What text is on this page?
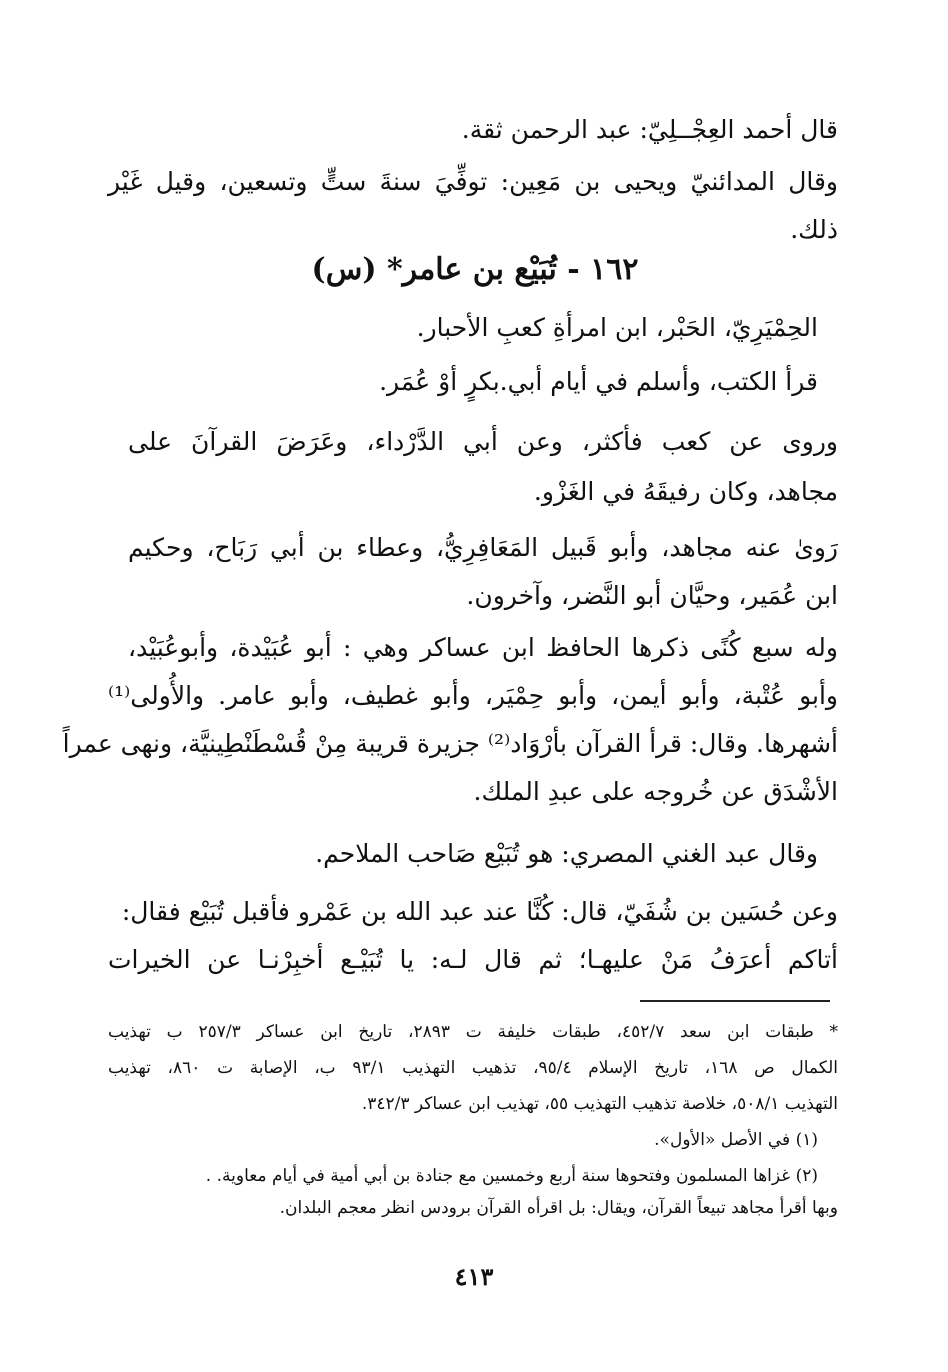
قال أحمد العِجْــلِيّ: عبد الرحمن ثقة.
وقال المدائنيّ ويحيى بن مَعِين: توفِّيَ سنةَ ستٍّ وتسعين، وقيل غَيْر
ذلك.
١٦٢ - تُبَيْع بن عامر* (س)
الحِمْيَرِيّ، الحَبْر، ابن امرأةِ كعبِ الأحبار.
قرأ الكتب، وأسلم في أيام أبي.بكرٍ أوْ عُمَر.
وروى عن كعب فأكثر، وعن أبي الدَّرْداء، وعَرَضَ القرآنَ على
مجاهد، وكان رفيقَهُ في الغَزْو.
رَوىٰ عنه مجاهد، وأبو قَبيل المَعَافِرِيُّ، وعطاء بن أبي رَبَاح، وحكيم
ابن عُمَير، وحيَّان أبو النَّضر، وآخرون.
وله سبع كُنًى ذكرها الحافظ ابن عساكر وهي : أبو عُبَيْدة، وأبوعُبَيْد،
وأبو عُتْبة، وأبو أيمن، وأبو حِمْيَر، وأبو غطيف، وأبو عامر. والأُولى⁽¹⁾
أشهرها. وقال: قرأ القرآن بأرْوَاد⁽²⁾ جزيرة قريبة مِنْ قُسْطَنْطِينيَّة، ونهى عمراً
الأشْدَق عن خُروجه على عبدِ الملك.
وقال عبد الغني المصري: هو تُبَيْع صَاحب الملاحم.
وعن حُسَين بن شُفَيّ، قال: كُنَّا عند عبد الله بن عَمْرو فأقبل تُبَيْع فقال:
أتاكم أعرَفُ مَنْ عليهـا؛ ثم قال لـه: يا تُبَيْـع أخبِرْنـا عن الخيرات
* طبقات ابن سعد ٤٥٢/٧، طبقات خليفة ت ٢٨٩٣، تاريخ ابن عساكر ٢٥٧/٣ ب تهذيب
الكمال ص ١٦٨، تاريخ الإسلام ٩٥/٤، تذهيب التهذيب ٩٣/١ ب، الإصابة ت ٨٦٠، تهذيب
التهذيب ٥٠٨/١، خلاصة تذهيب التهذيب ٥٥، تهذيب ابن عساكر ٣٤٢/٣.
(١) في الأصل «الأول».
(٢) غزاها المسلمون وفتحوها سنة أربع وخمسين مع جنادة بن أبي أمية في أيام معاوية. .
وبها أقرأ مجاهد تبيعاً القرآن، ويقال: بل اقرأه القرآن برودس انظر معجم البلدان.
٤١٣
